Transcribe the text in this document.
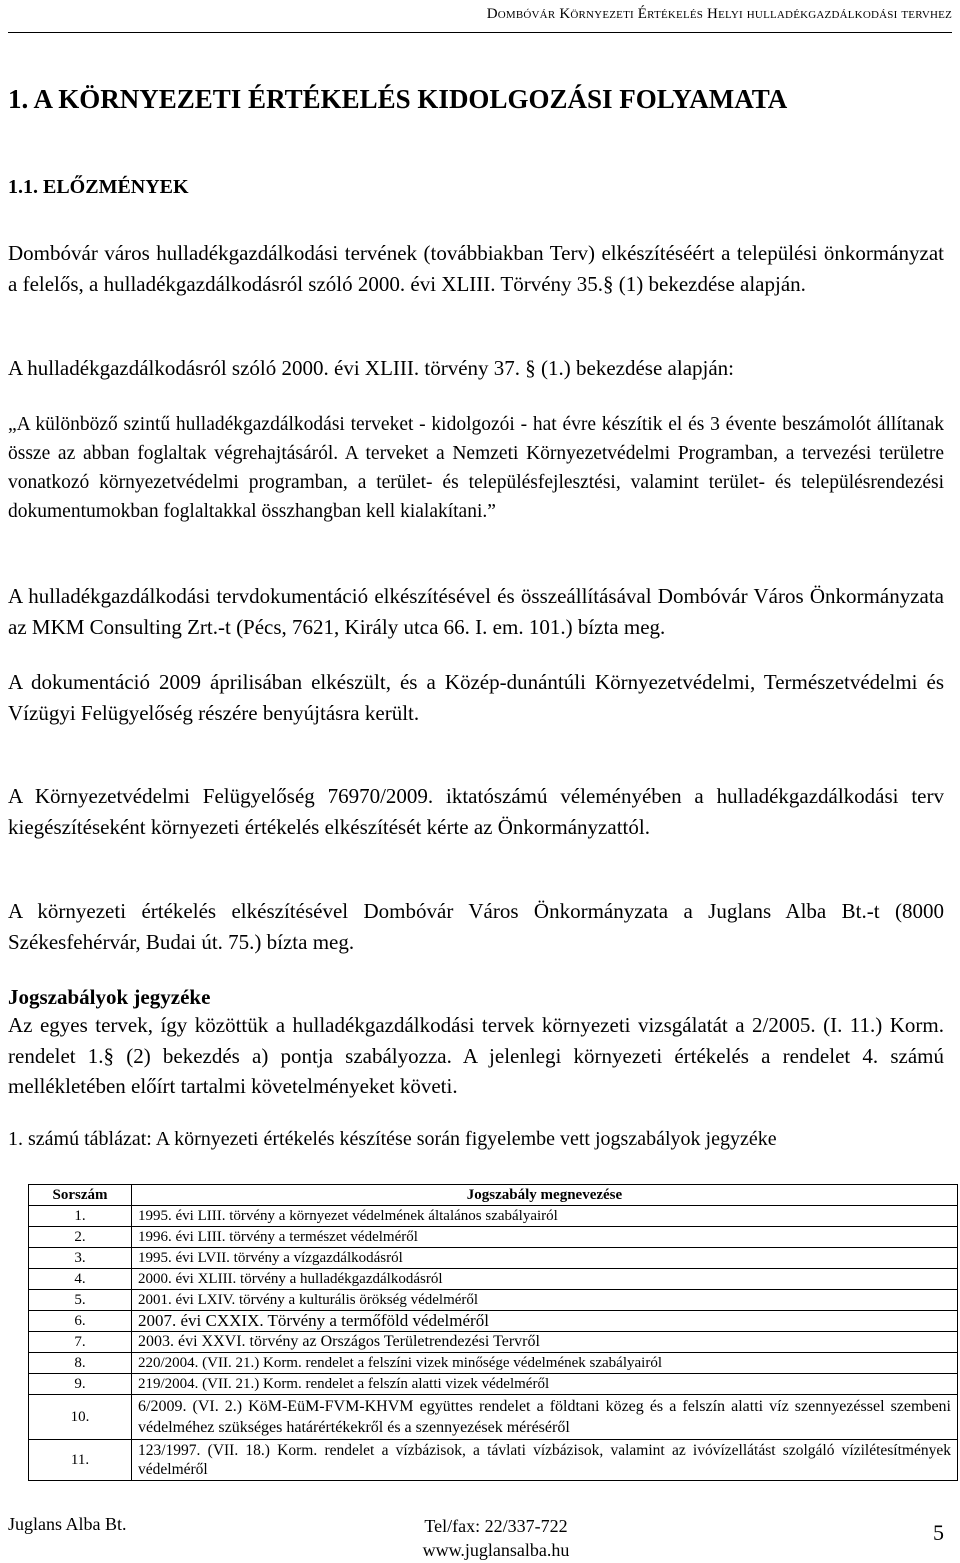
Dombóvár Környezeti Értékelés Helyi hulladékgazdálkodási tervhez
1. A KÖRNYEZETI ÉRTÉKELÉS KIDOLGOZÁSI FOLYAMATA
1.1. ELŐZMÉNYEK
Dombóvár város hulladékgazdálkodási tervének (továbbiakban Terv) elkészítéséért a települési önkormányzat a felelős, a hulladékgazdálkodásról szóló 2000. évi XLIII. Törvény 35.§ (1) bekezdése alapján.
A hulladékgazdálkodásról szóló 2000. évi XLIII. törvény 37. § (1.) bekezdése alapján:
„A különböző szintű hulladékgazdálkodási terveket - kidolgozói - hat évre készítik el és 3 évente beszámolót állítanak össze az abban foglaltak végrehajtásáról. A terveket a Nemzeti Környezetvédelmi Programban, a tervezési területre vonatkozó környezetvédelmi programban, a terület- és településfejlesztési, valamint terület- és településrendezési dokumentumokban foglaltakkal összhangban kell kialakítani.”
A hulladékgazdálkodási tervdokumentáció elkészítésével és összeállításával Dombóvár Város Önkormányzata az MKM Consulting Zrt.-t (Pécs, 7621, Király utca 66. I. em. 101.) bízta meg.
A dokumentáció 2009 áprilisában elkészült, és a Közép-dunántúli Környezetvédelmi, Természetvédelmi és Vízügyi Felügyelőség részére benyújtásra került.
A Környezetvédelmi Felügyelőség 76970/2009. iktatószámú véleményében a hulladékgazdálkodási terv kiegészítéseként környezeti értékelés elkészítését kérte az Önkormányzattól.
A környezeti értékelés elkészítésével Dombóvár Város Önkormányzata a Juglans Alba Bt.-t (8000 Székesfehérvár, Budai út. 75.) bízta meg.
Jogszabályok jegyzéke
Az egyes tervek, így közöttük a hulladékgazdálkodási tervek környezeti vizsgálatát a 2/2005. (I. 11.) Korm. rendelet 1.§ (2) bekezdés a) pontja szabályozza. A jelenlegi környezeti értékelés a rendelet 4. számú mellékletében előírt tartalmi követelményeket követi.
1. számú táblázat: A környezeti értékelés készítése során figyelembe vett jogszabályok jegyzéke
Sorszám	Jogszabály megnevezése
1.	1995. évi LIII. törvény a környezet védelmének általános szabályairól
2.	1996. évi LIII. törvény a természet védelméről
3.	1995. évi LVII. törvény a vízgazdálkodásról
4.	2000. évi XLIII. törvény a hulladékgazdálkodásról
5.	2001. évi LXIV. törvény a kulturális örökség védelméről
6.	2007. évi CXXIX. Törvény a termőföld védelméről
7.	2003. évi XXVI. törvény az Országos Területrendezési Tervről
8.	220/2004. (VII. 21.) Korm. rendelet a felszíni vizek minősége védelmének szabályairól
9.	219/2004. (VII. 21.) Korm. rendelet a felszín alatti vizek védelméről
10.	6/2009. (VI. 2.) KöM-EüM-FVM-KHVM együttes rendelet a földtani közeg és a felszín alatti víz szennyezéssel szembeni védelméhez szükséges határértékekről és a szennyezések méréséről
11.	123/1997. (VII. 18.) Korm. rendelet a vízbázisok, a távlati vízbázisok, valamint az ivóvízellátást szolgáló vízilétesítmények védelméről
Juglans Alba Bt.	Tel/fax: 22/337-722
www.juglansalba.hu
5
